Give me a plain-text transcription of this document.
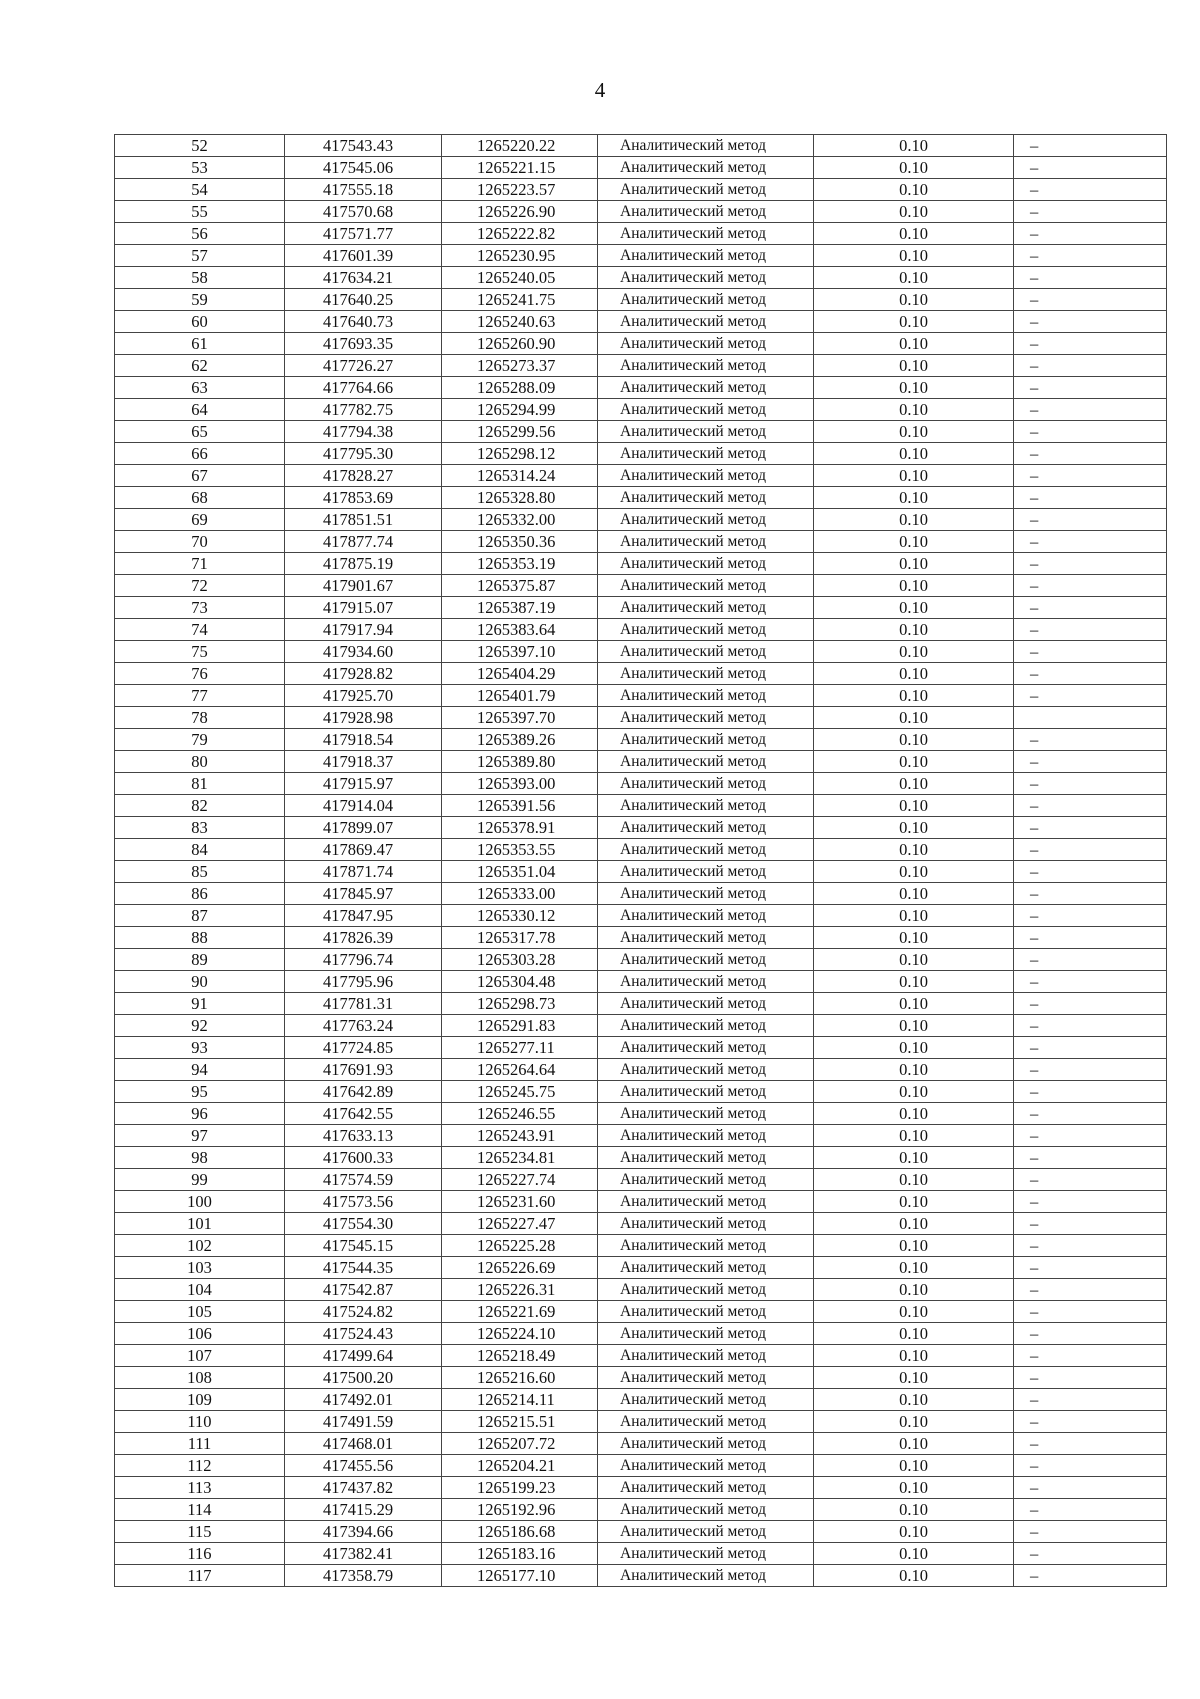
4
52	417543.43	1265220.22	Аналитический метод	0.10	–
53	417545.06	1265221.15	Аналитический метод	0.10	–
54	417555.18	1265223.57	Аналитический метод	0.10	–
55	417570.68	1265226.90	Аналитический метод	0.10	–
56	417571.77	1265222.82	Аналитический метод	0.10	–
57	417601.39	1265230.95	Аналитический метод	0.10	–
58	417634.21	1265240.05	Аналитический метод	0.10	–
59	417640.25	1265241.75	Аналитический метод	0.10	–
60	417640.73	1265240.63	Аналитический метод	0.10	–
61	417693.35	1265260.90	Аналитический метод	0.10	–
62	417726.27	1265273.37	Аналитический метод	0.10	–
63	417764.66	1265288.09	Аналитический метод	0.10	–
64	417782.75	1265294.99	Аналитический метод	0.10	–
65	417794.38	1265299.56	Аналитический метод	0.10	–
66	417795.30	1265298.12	Аналитический метод	0.10	–
67	417828.27	1265314.24	Аналитический метод	0.10	–
68	417853.69	1265328.80	Аналитический метод	0.10	–
69	417851.51	1265332.00	Аналитический метод	0.10	–
70	417877.74	1265350.36	Аналитический метод	0.10	–
71	417875.19	1265353.19	Аналитический метод	0.10	–
72	417901.67	1265375.87	Аналитический метод	0.10	–
73	417915.07	1265387.19	Аналитический метод	0.10	–
74	417917.94	1265383.64	Аналитический метод	0.10	–
75	417934.60	1265397.10	Аналитический метод	0.10	–
76	417928.82	1265404.29	Аналитический метод	0.10	–
77	417925.70	1265401.79	Аналитический метод	0.10	–
78	417928.98	1265397.70	Аналитический метод	0.10	
79	417918.54	1265389.26	Аналитический метод	0.10	–
80	417918.37	1265389.80	Аналитический метод	0.10	–
81	417915.97	1265393.00	Аналитический метод	0.10	–
82	417914.04	1265391.56	Аналитический метод	0.10	–
83	417899.07	1265378.91	Аналитический метод	0.10	–
84	417869.47	1265353.55	Аналитический метод	0.10	–
85	417871.74	1265351.04	Аналитический метод	0.10	–
86	417845.97	1265333.00	Аналитический метод	0.10	–
87	417847.95	1265330.12	Аналитический метод	0.10	–
88	417826.39	1265317.78	Аналитический метод	0.10	–
89	417796.74	1265303.28	Аналитический метод	0.10	–
90	417795.96	1265304.48	Аналитический метод	0.10	–
91	417781.31	1265298.73	Аналитический метод	0.10	–
92	417763.24	1265291.83	Аналитический метод	0.10	–
93	417724.85	1265277.11	Аналитический метод	0.10	–
94	417691.93	1265264.64	Аналитический метод	0.10	–
95	417642.89	1265245.75	Аналитический метод	0.10	–
96	417642.55	1265246.55	Аналитический метод	0.10	–
97	417633.13	1265243.91	Аналитический метод	0.10	–
98	417600.33	1265234.81	Аналитический метод	0.10	–
99	417574.59	1265227.74	Аналитический метод	0.10	–
100	417573.56	1265231.60	Аналитический метод	0.10	–
101	417554.30	1265227.47	Аналитический метод	0.10	–
102	417545.15	1265225.28	Аналитический метод	0.10	–
103	417544.35	1265226.69	Аналитический метод	0.10	–
104	417542.87	1265226.31	Аналитический метод	0.10	–
105	417524.82	1265221.69	Аналитический метод	0.10	–
106	417524.43	1265224.10	Аналитический метод	0.10	–
107	417499.64	1265218.49	Аналитический метод	0.10	–
108	417500.20	1265216.60	Аналитический метод	0.10	–
109	417492.01	1265214.11	Аналитический метод	0.10	–
110	417491.59	1265215.51	Аналитический метод	0.10	–
111	417468.01	1265207.72	Аналитический метод	0.10	–
112	417455.56	1265204.21	Аналитический метод	0.10	–
113	417437.82	1265199.23	Аналитический метод	0.10	–
114	417415.29	1265192.96	Аналитический метод	0.10	–
115	417394.66	1265186.68	Аналитический метод	0.10	–
116	417382.41	1265183.16	Аналитический метод	0.10	–
117	417358.79	1265177.10	Аналитический метод	0.10	–
